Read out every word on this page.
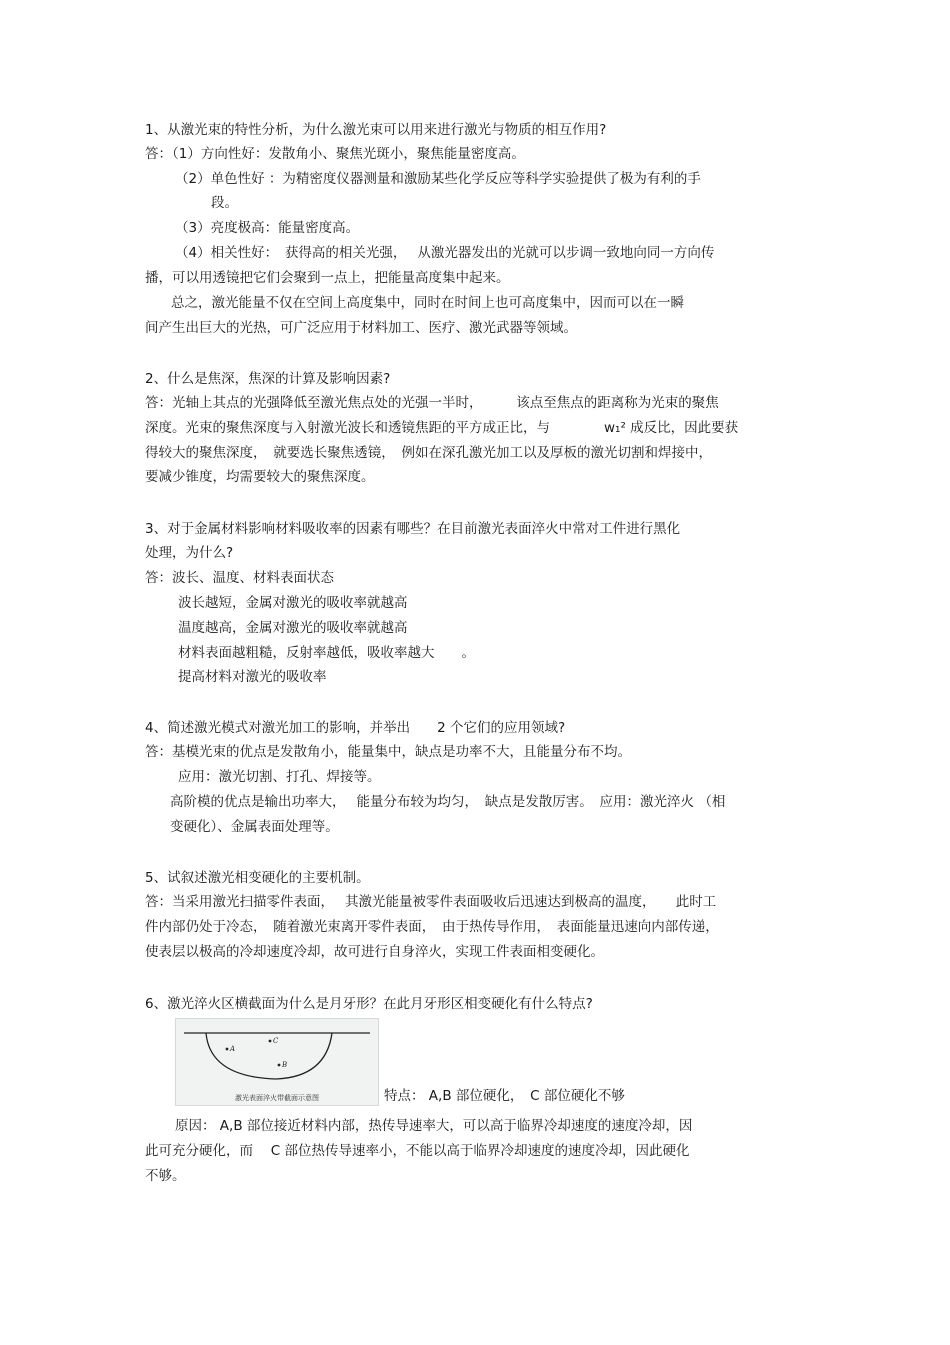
1、从激光束的特性分析，为什么激光束可以用来进行激光与物质的相互作用?
答：（1）方向性好：发散角小、聚焦光斑小，聚焦能量密度高。
（2）单色性好 ：为精密度仪器测量和激励某些化学反应等科学实验提供了极为有利的手
段。
（3）亮度极高：能量密度高。
（4）相关性好：　获得高的相关光强，　 从激光器发出的光就可以步调一致地向同一方向传
播，可以用透镜把它们会聚到一点上，把能量高度集中起来。
总之，激光能量不仅在空间上高度集中，同时在时间上也可高度集中，因而可以在一瞬
间产生出巨大的光热，可广泛应用于材料加工、医疗、激光武器等领域。
2、什么是焦深，焦深的计算及影响因素?
答：光轴上其点的光强降低至激光焦点处的光强一半时，　　　该点至焦点的距离称为光束的聚焦
深度。光束的聚焦深度与入射激光波长和透镜焦距的平方成正比，与　　　　w₁² 成反比，因此要获
得较大的聚焦深度，　就要选长聚焦透镜，　例如在深孔激光加工以及厚板的激光切割和焊接中，
要减少锥度，均需要较大的聚焦深度。
3、对于金属材料影响材料吸收率的因素有哪些？在目前激光表面淬火中常对工件进行黑化
处理，为什么?
答：波长、温度、材料表面状态
波长越短，金属对激光的吸收率就越高
温度越高，金属对激光的吸收率就越高
材料表面越粗糙，反射率越低，吸收率越大　　。
提高材料对激光的吸收率
4、简述激光模式对激光加工的影响，并举出　　2 个它们的应用领域?
答：基模光束的优点是发散角小，能量集中，缺点是功率不大，且能量分布不均。
应用：激光切割、打孔、焊接等。
高阶模的优点是输出功率大，　 能量分布较为均匀，　缺点是发散厉害。　应用：激光淬火 （相
变硬化）、金属表面处理等。
5、试叙述激光相变硬化的主要机制。
答：当采用激光扫描零件表面，　 其激光能量被零件表面吸收后迅速达到极高的温度，　　此时工
件内部仍处于冷态，　随着激光束离开零件表面，　由于热传导作用，　表面能量迅速向内部传递，
使表层以极高的冷却速度冷却，故可进行自身淬火，实现工件表面相变硬化。
6、激光淬火区横截面为什么是月牙形？在此月牙形区相变硬化有什么特点?
A
C
B
激光表面淬火带截面示意图	特点： A,B 部位硬化，　C 部位硬化不够
原因： A,B 部位接近材料内部，热传导速率大，可以高于临界冷却速度的速度冷却，因
此可充分硬化，而　 C 部位热传导速率小，不能以高于临界冷却速度的速度冷却，因此硬化
不够。
